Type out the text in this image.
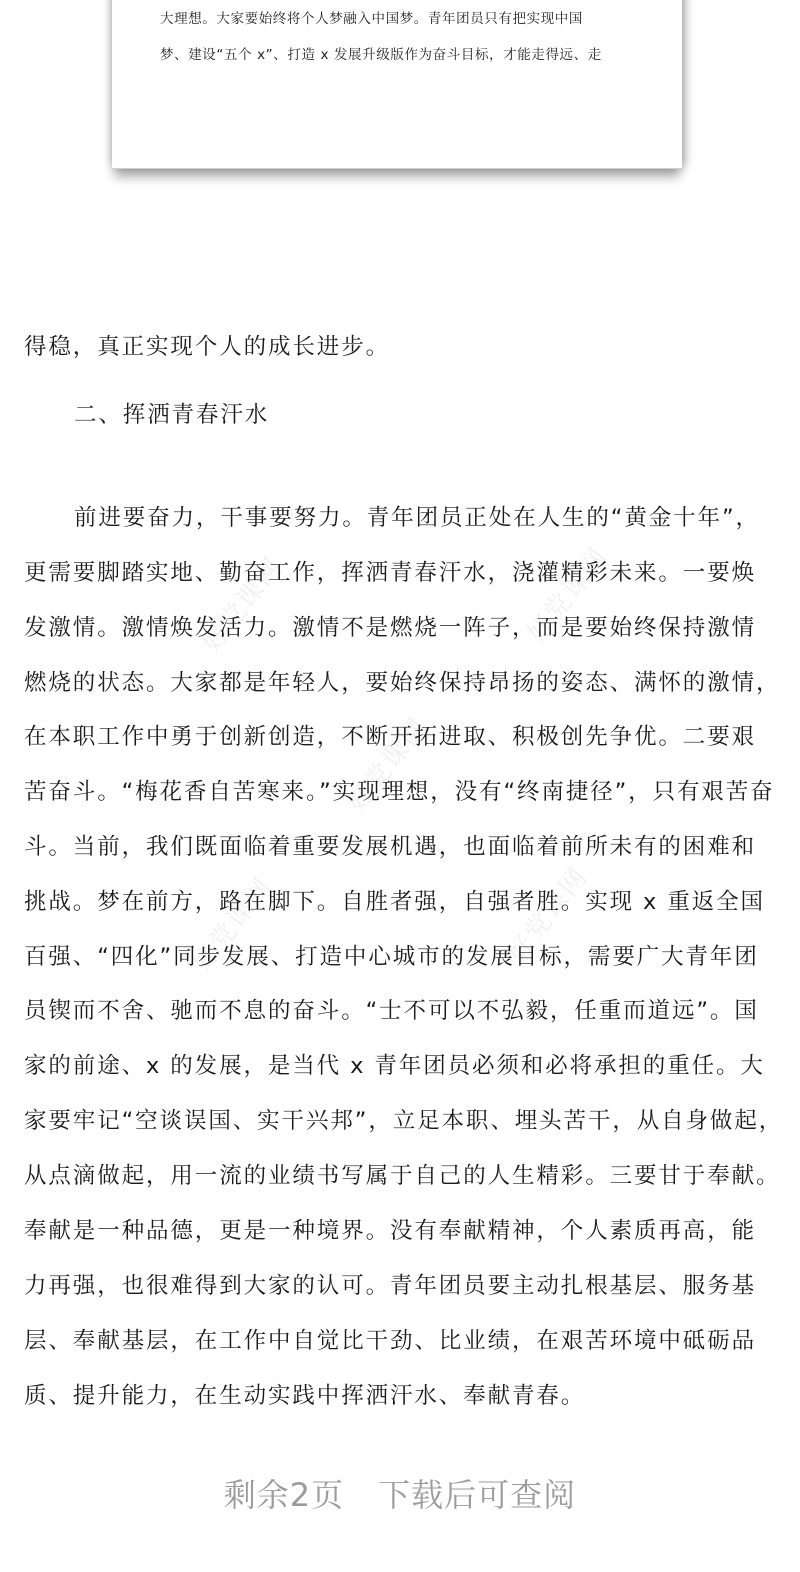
大理想。大家要始终将个人梦融入中国梦。青年团员只有把实现中国
梦、建设“五个 x”、打造 x 发展升级版作为奋斗目标，才能走得远、走
好党课网	好党课网
好党课网
好党课网	好党课网
得稳，真正实现个人的成长进步。
二、挥洒青春汗水
前进要奋力，干事要努力。青年团员正处在人生的“黄金十年”，
更需要脚踏实地、勤奋工作，挥洒青春汗水，浇灌精彩未来。一要焕
发激情。激情焕发活力。激情不是燃烧一阵子，而是要始终保持激情
燃烧的状态。大家都是年轻人，要始终保持昂扬的姿态、满怀的激情，
在本职工作中勇于创新创造，不断开拓进取、积极创先争优。二要艰
苦奋斗。“梅花香自苦寒来。”实现理想，没有“终南捷径”，只有艰苦奋
斗。当前，我们既面临着重要发展机遇，也面临着前所未有的困难和
挑战。梦在前方，路在脚下。自胜者强，自强者胜。实现 x 重返全国
百强、“四化”同步发展、打造中心城市的发展目标，需要广大青年团
员锲而不舍、驰而不息的奋斗。“士不可以不弘毅，任重而道远”。国
家的前途、x 的发展，是当代 x 青年团员必须和必将承担的重任。大
家要牢记“空谈误国、实干兴邦”，立足本职、埋头苦干，从自身做起，
从点滴做起，用一流的业绩书写属于自己的人生精彩。三要甘于奉献。
奉献是一种品德，更是一种境界。没有奉献精神，个人素质再高，能
力再强，也很难得到大家的认可。青年团员要主动扎根基层、服务基
层、奉献基层，在工作中自觉比干劲、比业绩，在艰苦环境中砥砺品
质、提升能力，在生动实践中挥洒汗水、奉献青春。
剩余2页 下载后可查阅
